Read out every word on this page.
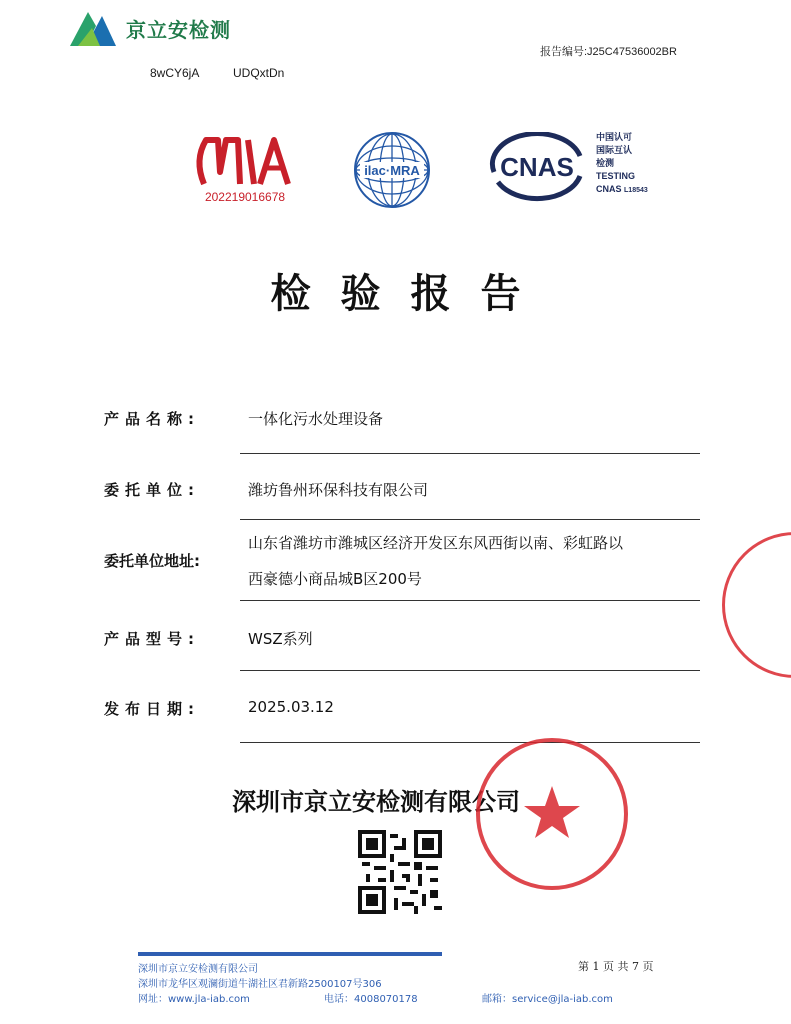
京立安检测
报告编号:J25C47536002BR
8wCY6jA	UDQxtDn
202219016678
ilac·MRA	CNAS
中国认可
国际互认
检测
TESTING
CNAS L18543
检验报告
产品名称:	一体化污水处理设备
委托单位:	潍坊鲁州环保科技有限公司
委托单位地址:
山东省潍坊市潍城区经济开发区东风西街以南、彩虹路以
西豪德小商品城B区200号
产品型号:	WSZ系列
发布日期:	2025.03.12
深圳市京立安检测有限公司
深圳市京立安检测有限公司
深圳市龙华区观澜街道牛湖社区君新路2500107号306
网址：www.jla-iab.com	电话：4008070178	邮箱：service@jla-iab.com
第 1 页 共 7 页
